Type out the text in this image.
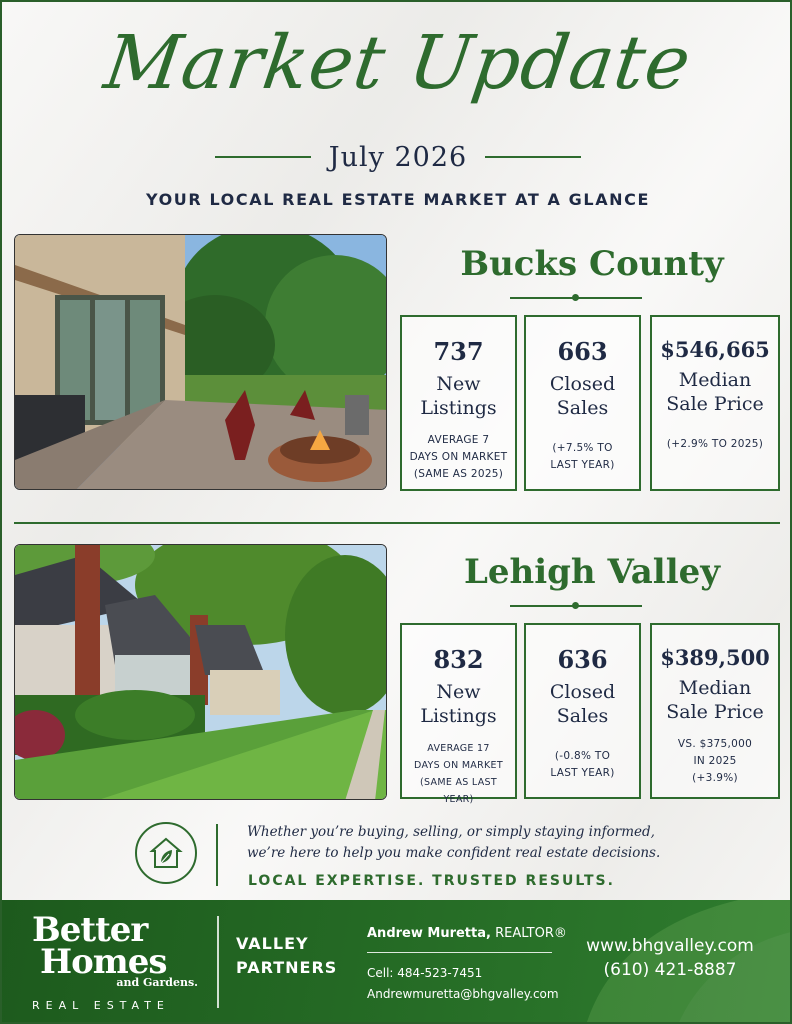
Market Update
July 2026
YOUR LOCAL REAL ESTATE MARKET AT A GLANCE
Bucks County
737
New
Listings
AVERAGE 7
DAYS ON MARKET
(SAME AS 2025)
663
Closed
Sales
(+7.5% TO
LAST YEAR)
$546,665
Median
Sale Price
(+2.9% TO 2025)
Lehigh Valley
832
New
Listings
AVERAGE 17
DAYS ON MARKET
(SAME AS LAST YEAR)
636
Closed
Sales
(-0.8% TO
LAST YEAR)
$389,500
Median
Sale Price
VS. $375,000
IN 2025
(+3.9%)
Whether you’re buying, selling, or simply staying informed,
we’re here to help you make confident real estate decisions.
LOCAL EXPERTISE. TRUSTED RESULTS.
Better
Homes
and Gardens.
REAL ESTATE
VALLEY
PARTNERS
Andrew Muretta, REALTOR®
Cell: 484-523-7451
Andrewmuretta@bhgvalley.com
www.bhgvalley.com
(610) 421-8887
